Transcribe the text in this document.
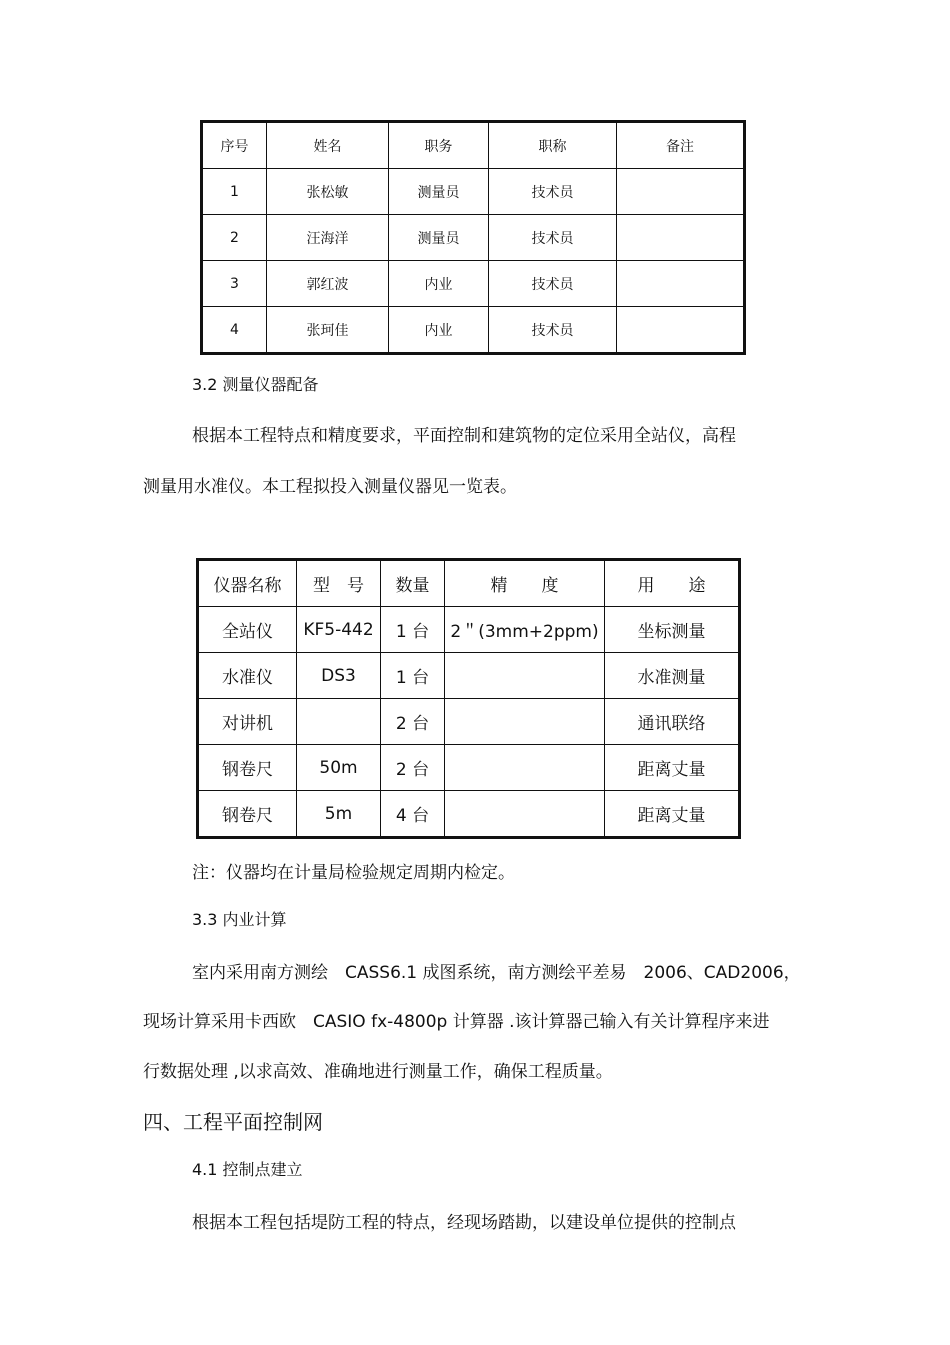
序号	姓名	职务	职称	备注
1	张松敏	测量员	技术员	
2	汪海洋	测量员	技术员	
3	郭红波	内业	技术员	
4	张珂佳	内业	技术员	
3.2 测量仪器配备
根据本工程特点和精度要求，平面控制和建筑物的定位采用全站仪，高程
测量用水准仪。本工程拟投入测量仪器见一览表。
仪器名称	型　号	数量	精　　度	用　　途
全站仪	KF5-442	1 台	2＂(3mm+2ppm)	坐标测量
水准仪	DS3	1 台		水准测量
对讲机		2 台		通讯联络
钢卷尺	50m	2 台		距离丈量
钢卷尺	5m	4 台		距离丈量
注：仪器均在计量局检验规定周期内检定。
3.3 内业计算
室内采用南方测绘　CASS6.1 成图系统，南方测绘平差易　2006、CAD2006，
现场计算采用卡西欧　CASIO fx-4800p 计算器 .该计算器己输入有关计算程序来进
行数据处理 ,以求高效、准确地进行测量工作，确保工程质量。
四、工程平面控制网
4.1 控制点建立
根据本工程包括堤防工程的特点，经现场踏勘，以建设单位提供的控制点
